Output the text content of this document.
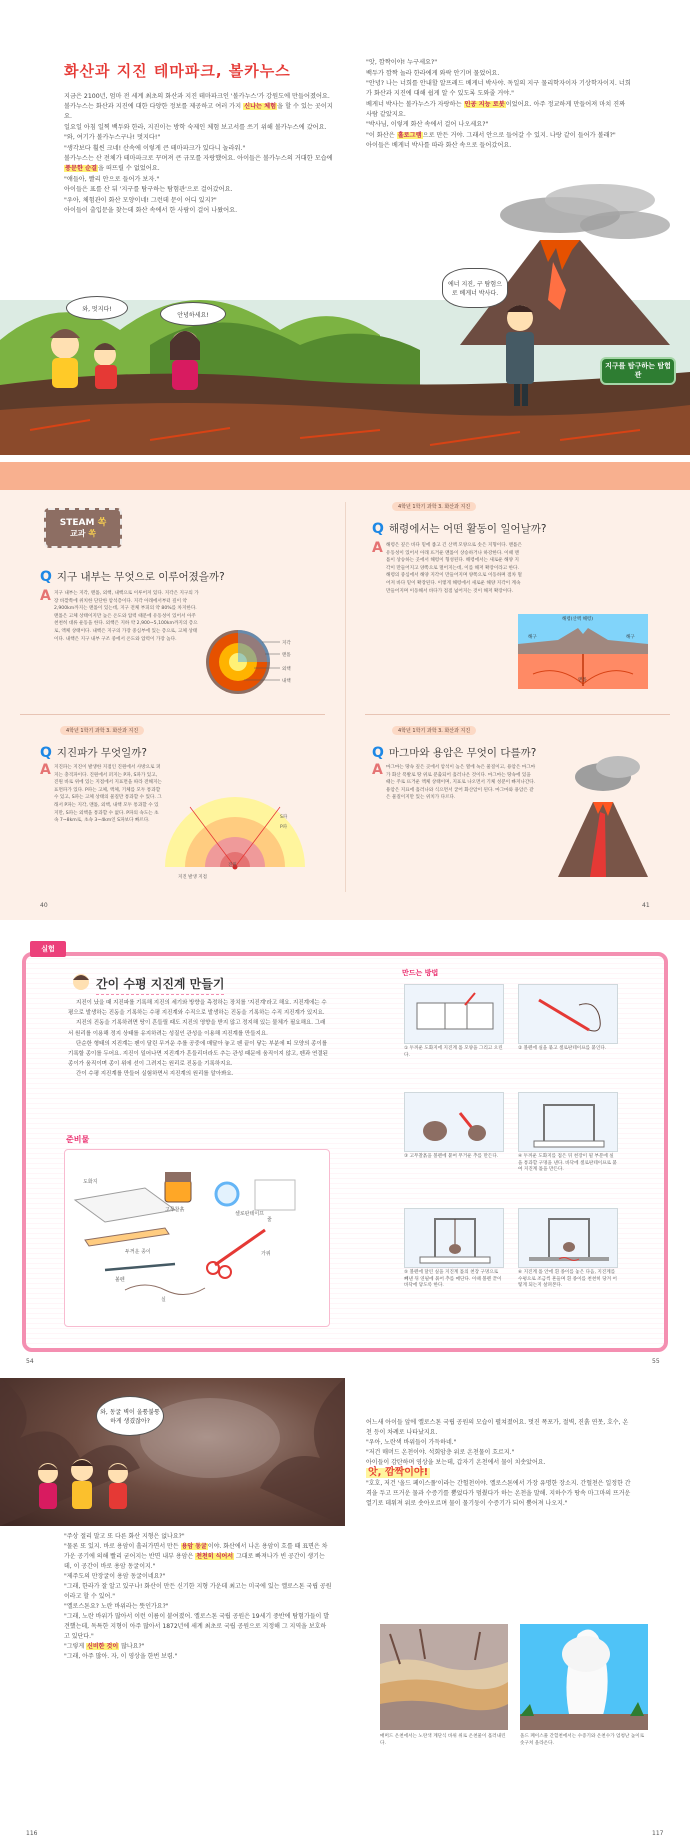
화산과 지진 테마파크, 볼카누스

지금은 2100년, 엄마 전 세계 최초의 화산과 지진 테마파크인 '볼카누스'가 강원도에 만들어졌어요. 볼카누스는 화산과 지진에 대한 다양한 정보를 제공하고 여러 가지 신나는 체험을 할 수 있는 곳이지요.

일요일 아침 일찍 백두와 한라, 지진이는 방학 숙제인 체험 보고서를 쓰기 위해 볼카누스에 갔어요.

"와, 여기가 볼카누스구나! 멋지다!"

"생각보다 훨씬 크네! 산속에 이렇게 큰 테마파크가 있다니 놀라워."

볼카누스는 산 전체가 테마파크로 꾸며져 큰 규모를 자랑했어요. 아이들은 볼카누스의 거대한 모습에 풍문한 순결을 떠뜨릴 수 없었어요.

"얘들아, 빨리 안으로 들어가 보자."

아이들은 표를 산 뒤 '지구를 탐구하는 탐험관'으로 걸어갔어요.

"우아, 체험관이 화산 모양이네! 그런데 문이 어디 있지?"

아이들이 출입문을 찾는데 화산 속에서 한 사람이 걸어 나왔어요.

"앗, 깜짝이야! 누구세요?"

백두가 깜짝 놀라 한라에게 와락 안기며 물었어요.

"안녕? 나는 너희를 안내할 알프레드 베게너 박사야. 독일의 지구 물리학자이자 기상학자이지. 너희가 화산과 지진에 대해 쉽게 알 수 있도록 도와줄 거야."

베게너 박사는 볼카누스가 자랑하는 인공 지능 로봇이었어요. 아주 정교하게 만들어져 마치 진짜 사람 같았지요.

"박사님, 이렇게 화산 속에서 걸어 나오세요?"

"이 화산은 홀로그램으로 만든 거야. 그래서 안으로 들어갈 수 있지. 나랑 같이 들어가 볼래?"

아이들은 베게너 박사를 따라 화산 속으로 들어갔어요.

와, 멋지다!
안녕하세요!
에너 지진, 구 탐험으로 베게너 박사다.
지구를 탐구하는 탐험관
STEAM 쏙
교과 쏙
Q 지구 내부는 무엇으로 이루어졌을까?
A 지구 내부는 지각, 맨틀, 외핵, 내핵으로 이루어져 있다. 지각은 지구의 가장 바깥쪽에 위치한 단단한 암석층이다. 지각 아래에서부터 깊이 약 2,900km까지는 맨틀이 있는데, 지구 전체 부피의 약 80%를 차지한다. 맨틀은 고체 상태이지만 높은 온도와 압력 때문에 유동성이 있어서 아주 천천히 대류 운동을 한다. 외핵은 지하 약 2,900~5,100km까지의 층으로, 액체 상태이다. 내핵은 지구의 가장 중심부에 있는 층으로, 고체 상태이다. 내핵은 지구 내부 구조 중에서 온도와 압력이 가장 높다.
지각
맨틀
외핵
내핵
4학년 1학기 과학 3. 화산과 지진
Q 지진파가 무엇일까?
A 지진파는 지진이 발생한 지점인 진원에서 사방으로 퍼지는 충격파이다. 진원에서 퍼지는 P파, S파가 있고, 진원 바로 위에 있는 지점에서 지표면을 따라 전해지는 표면파가 있다. P파는 고체, 액체, 기체를 모두 통과할 수 있고, S파는 고체 상태의 물질만 통과할 수 있다. 그래서 P파는 지각, 맨틀, 외핵, 내핵 모두 통과할 수 있지만, S파는 외핵을 통과할 수 없다. P파의 속도는 초속 7~8km로, 초속 3~4km인 S파보다 빠르다.
진원
S파
P파
지진 발생 지점
4학년 1학기 과학 3. 화산과 지진
Q 해령에서는 어떤 활동이 일어날까?
A 해령은 깊은 바다 밑에 좁고 긴 산맥 모양으로 솟은 지형이다. 맨틀은 유동성이 있어서 아래 뜨거운 맨틀이 상승하거나 하강한다. 이때 맨틀이 상승하는 곳에서 해령이 형성된다. 해령에서는 새로운 해양 지각이 만들어지고 양쪽으로 멀어지는데, 이를 해저 확장이라고 한다. 해령의 중심에서 해양 지각이 만들어지며 양쪽으로 이동하며 점차 멀어져 바다 밑이 확장된다. 이렇게 해령에서 새로운 해양 지각이 계속 만들어지며 이동해서 바다가 점점 넓어지는 것이 해저 확장이다.
해령(산맥 해령)
해구	해구
맨틀
4학년 1학기 과학 3. 화산과 지진
Q 마그마와 용암은 무엇이 다를까?
A 마그마는 땅속 깊은 곳에서 암석이 높은 열에 녹은 물질이고, 용암은 마그마가 화산 폭발로 땅 위로 분출되어 흘러나온 것이다. 마그마는 땅속에 있을 때는 주로 뜨거운 액체 상태이며, 지표로 나오면서 기체 성분이 빠져나간다. 용암은 지표에 흘러나와 식으면서 굳어 화산암이 된다. 마그마와 용암은 같은 물질이지만 있는 위치가 다르다.
40	41
실험
간이 수평 지진계 만들기

지진이 났을 때 지진파를 기록해 지진의 세기와 방향을 측정하는 장치를 '지진계'라고 해요. 지진계에는 수평으로 발생하는 진동을 기록하는 수평 지진계와 수직으로 발생하는 진동을 기록하는 수직 지진계가 있지요.

지진의 진동을 기록하려면 땅이 흔들릴 때도 지진의 영향을 받지 않고 정지해 있는 물체가 필요해요. 그래서 원리를 이용해 정지 상태를 유지하려는 성질인 관성을 이용해 지진계를 만들지요.

단순한 형태의 지진계는 펜이 달린 무거운 추를 공중에 매달아 놓고 펜 끝이 닿는 부분에 띠 모양의 종이를 기록할 종이를 두어요. 지진이 일어나면 지진계가 흔들리더라도 추는 관성 때문에 움직이지 않고, 펜과 연결된 종이가 움직이며 종이 위에 선이 그려지는 원리로 진동을 기록하지요.

간이 수평 지진계를 만들어 실험하면서 지진계의 원리를 알아봐요.

준비물
도화지
두꺼운 종이
고무찰흙
셀로판테이프
실
가위
볼펜
줄
만드는 방법
① 두꺼운 도화지에 지진계 틀 모양을 그리고 오린다.
② 볼펜에 실을 묶고 셀로판테이프를 붙인다.
③ 고무찰흙을 볼펜에 붙여 무거운 추를 만든다.	④ 두꺼운 도화지를 접은 뒤 천장이 될 부분에 실을 통과할 구멍을 낸다. 바닥에 셀로판테이프로 붙여 지진계 틀을 만든다.
⑤ 볼펜에 달린 실을 지진계 틀의 천장 구멍으로 빼낸 뒤 연필에 묶어 추를 매단다. 이때 볼펜 끝이 바닥에 닿도록 한다.
⑥ 지진계 틀 안에 흰 종이를 놓은 다음, 지진계를 수평으로 조금씩 흔들며 흰 종이를 천천히 당겨 어떻게 되는지 살펴본다.
54	55
와, 동굴 벽이 울퉁불퉁하게 생겼잖아?

"주상 절리 말고 또 다른 화산 지형은 없나요?"

"물론 또 있지. 바로 용암이 흘러가면서 만든 용암 동굴이야. 화산에서 나온 용암이 흐를 때 표면은 차가운 공기에 의해 빨리 굳어지는 반면 내부 용암은 천천히 식어서 그대로 빠져나가 빈 공간이 생기는데, 이 공간이 바로 용암 동굴이지."

"제주도의 만장굴이 용암 동굴이네요?"

"그래, 한라가 잘 알고 있구나! 화산이 만든 신기한 지형 가운데 최고는 미국에 있는 옐로스톤 국립 공원이라고 할 수 있어."

"옐로스톤요? 노란 바위라는 뜻인가요?"

"그래, 노란 바위가 많아서 이런 이름이 붙여졌어. 옐로스톤 국립 공원은 19세기 중반에 탐험가들이 발견했는데, 독특한 지형이 아주 많아서 1872년에 세계 최초로 국립 공원으로 지정해 그 지역을 보호하고 있단다."

"그렇게 신비한 것이 많나요?"

"그래, 아주 많아. 자, 이 영상을 한번 보렴."

어느새 아이들 앞에 옐로스톤 국립 공원의 모습이 펼쳐졌어요. 멋진 폭포가, 절벽, 진흙 연못, 호수, 온천 등이 차례로 나타났지요.

"우아, 노란색 바위들이 가득하네."

"저건 매머드 온천이야. 석회암층 위로 온천물이 흐르지."

아이들이 감탄하며 영상을 보는데, 갑자기 온천에서 물이 치솟았어요.

앗, 깜짝이야!

"호호, 저건 '올드 페이스풀'이라는 간헐천이야. 옐로스톤에서 가장 유명한 장소지. 간헐천은 일정한 간격을 두고 뜨거운 물과 수증기를 뿜었다가 멈췄다가 하는 온천을 말해. 지하수가 땅속 마그마의 뜨거운 열기로 데워져 위로 솟아오르며 물이 물기둥이 수증기가 되어 뿜어져 나오지."

매머드 온천에서는 노란색 계단식 바위 위로 온천물이 흘러내린다.
올드 페이스풀 간헐천에서는 수증기와 온천수가 엄청난 높이로 솟구쳐 올라온다.
116	117
